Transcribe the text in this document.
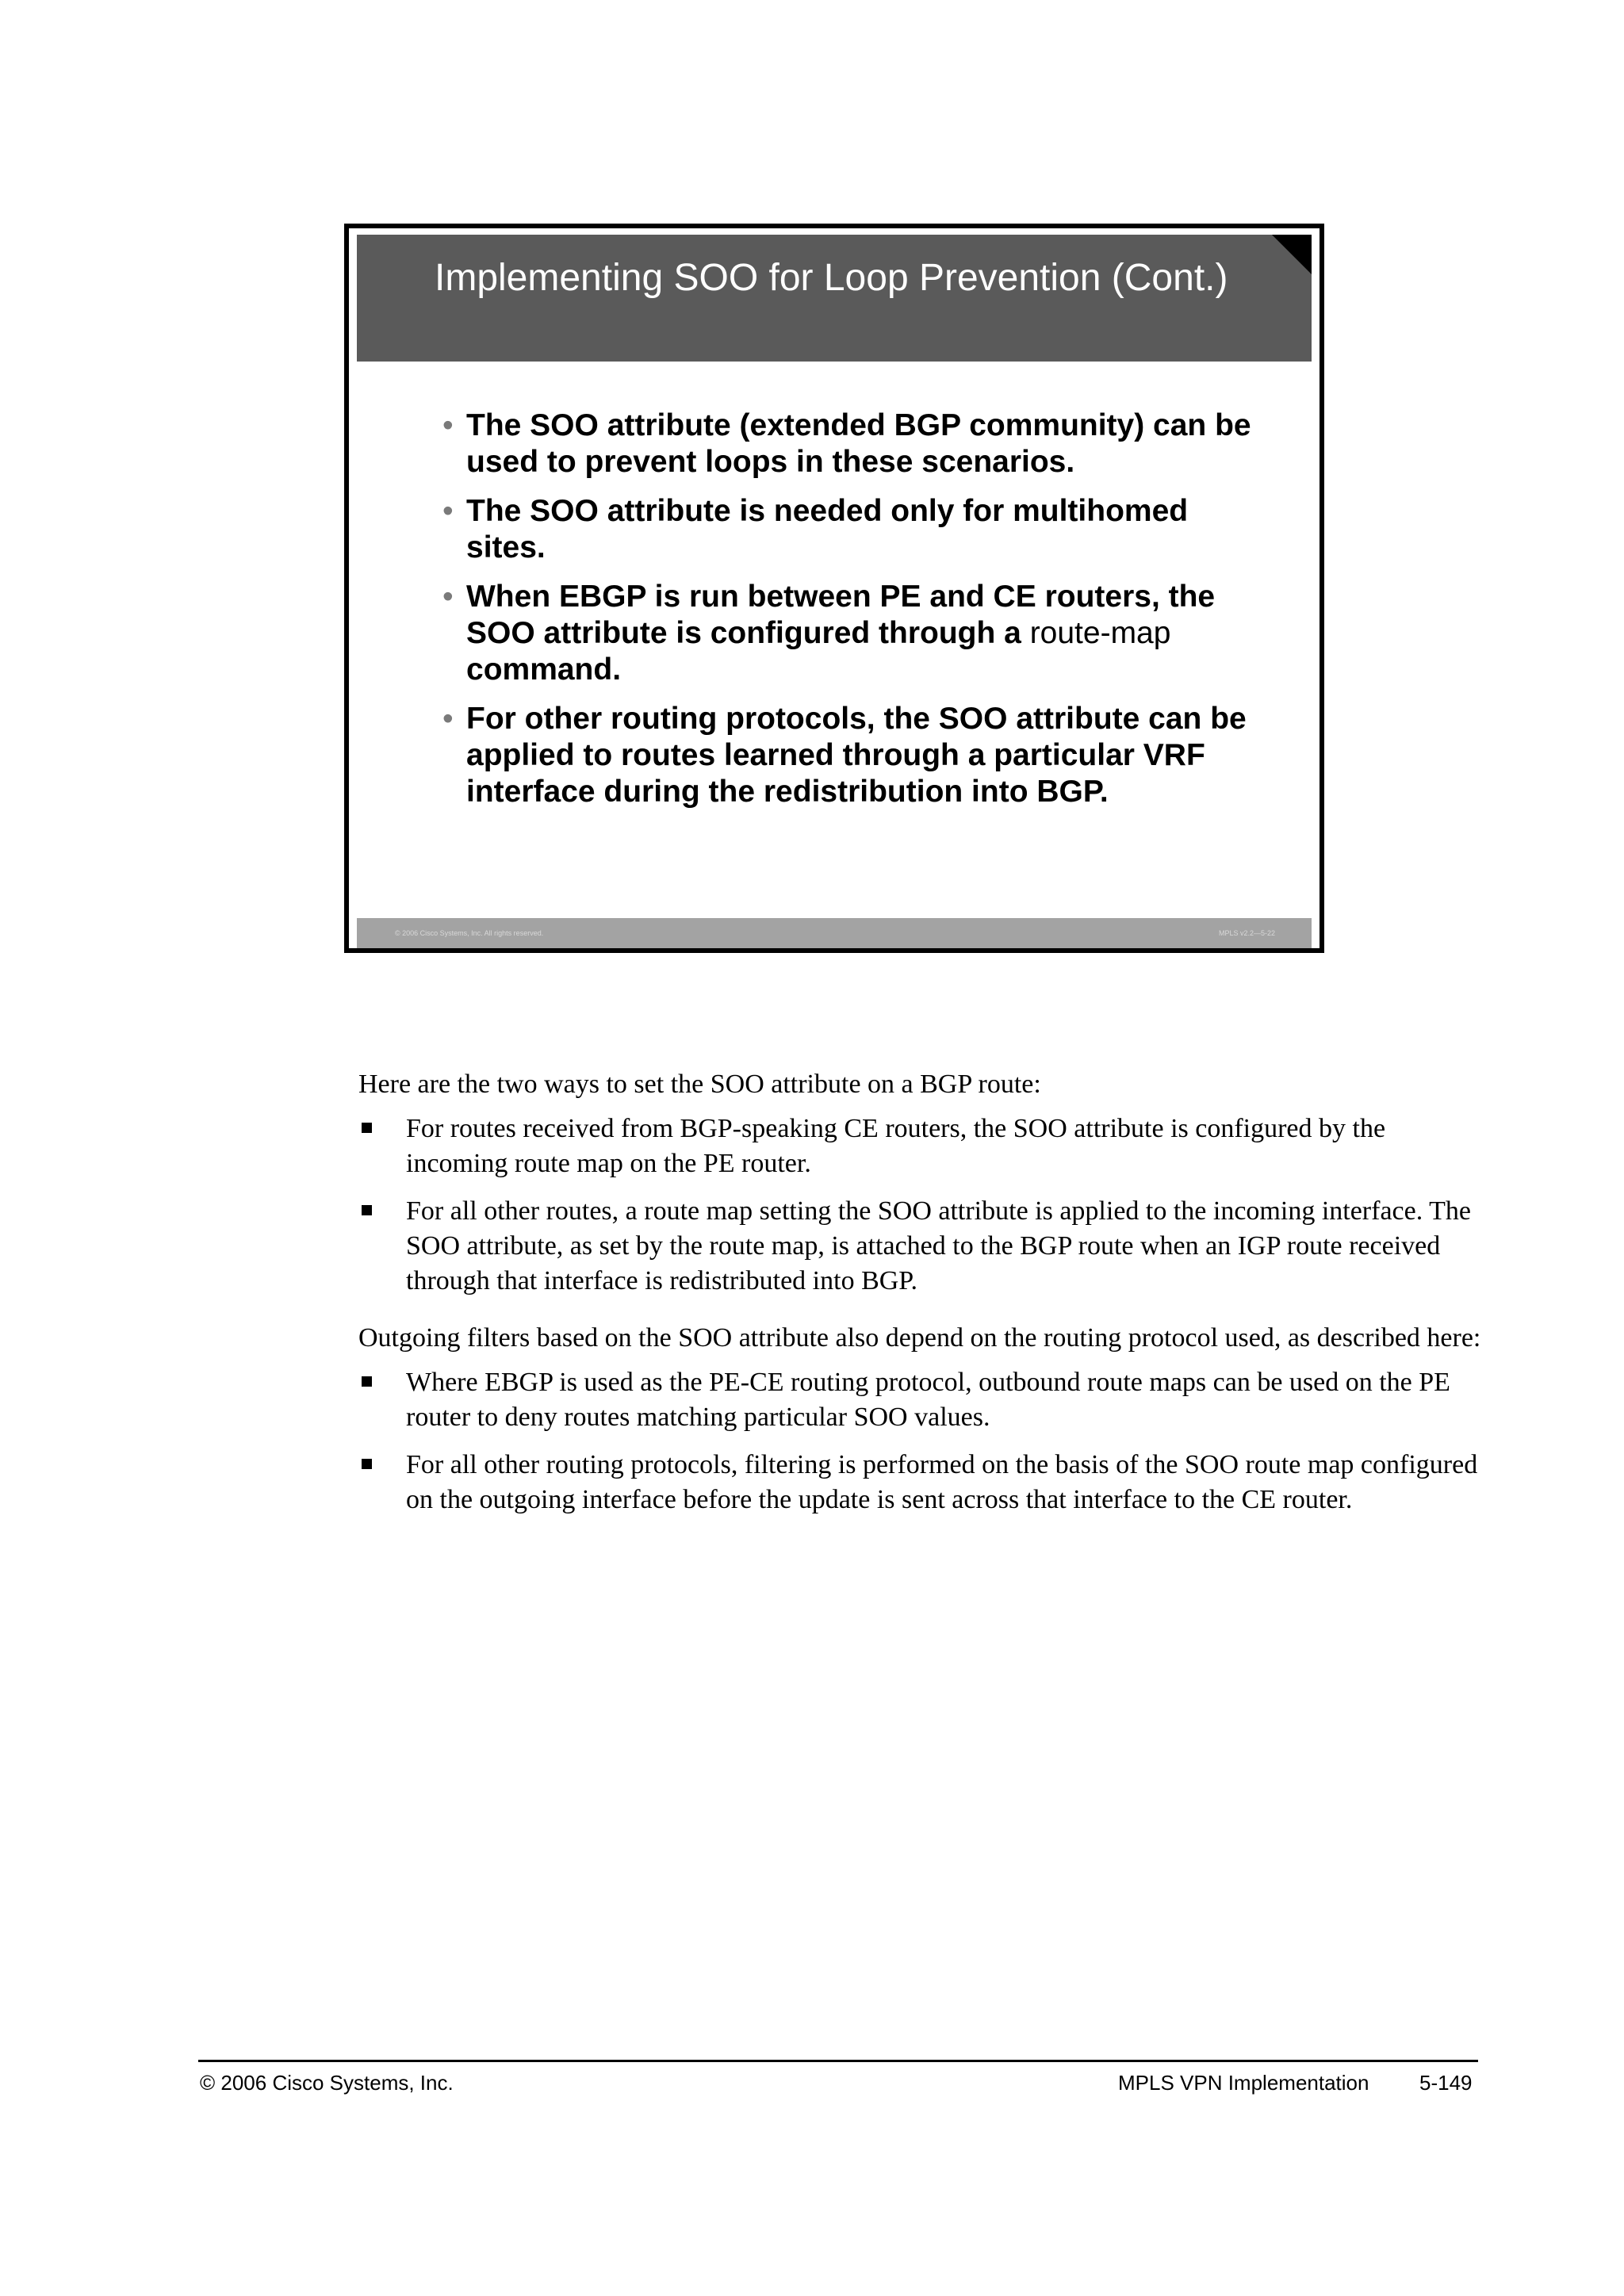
Implementing SOO for Loop Prevention (Cont.)
• The SOO attribute (extended BGP community) can be used to prevent loops in these scenarios.
• The SOO attribute is needed only for multihomed sites.
• When EBGP is run between PE and CE routers, the SOO attribute is configured through a route-map command.
• For other routing protocols, the SOO attribute can be applied to routes learned through a particular VRF interface during the redistribution into BGP.
© 2006 Cisco Systems, Inc. All rights reserved.	MPLS v2.2—5-22

Here are the two ways to set the SOO attribute on a BGP route:

For routes received from BGP-speaking CE routers, the SOO attribute is configured by the incoming route map on the PE router.
For all other routes, a route map setting the SOO attribute is applied to the incoming interface. The SOO attribute, as set by the route map, is attached to the BGP route when an IGP route received through that interface is redistributed into BGP.

Outgoing filters based on the SOO attribute also depend on the routing protocol used, as described here:

Where EBGP is used as the PE-CE routing protocol, outbound route maps can be used on the PE router to deny routes matching particular SOO values.
For all other routing protocols, filtering is performed on the basis of the SOO route map configured on the outgoing interface before the update is sent across that interface to the CE router.
© 2006 Cisco Systems, Inc.	MPLS VPN Implementation 5-149
